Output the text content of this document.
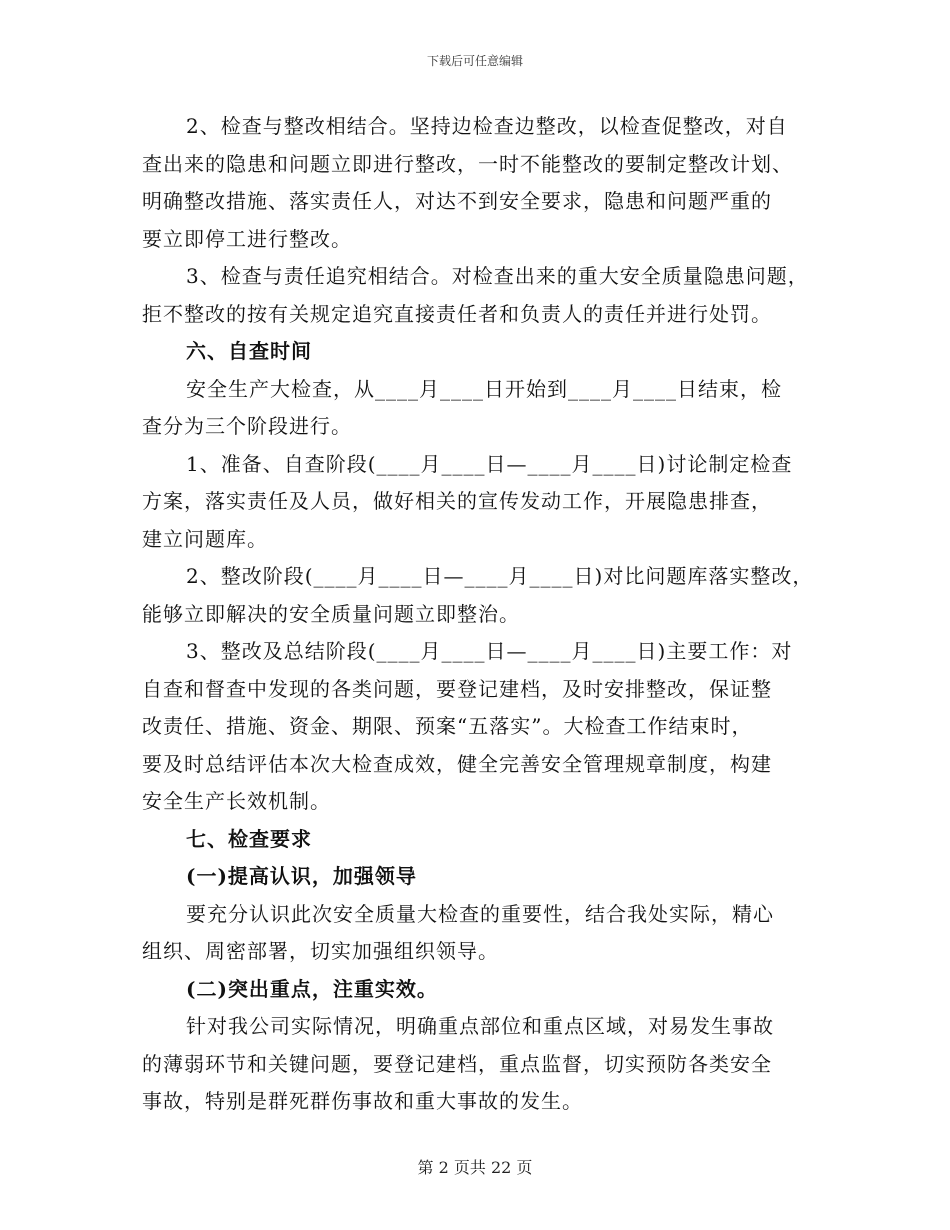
下载后可任意编辑
2、检查与整改相结合。坚持边检查边整改，以检查促整改，对自
查出来的隐患和问题立即进行整改，一时不能整改的要制定整改计划、
明确整改措施、落实责任人，对达不到安全要求，隐患和问题严重的
要立即停工进行整改。
3、检查与责任追究相结合。对检查出来的重大安全质量隐患问题，
拒不整改的按有关规定追究直接责任者和负责人的责任并进行处罚。
六、自查时间
安全生产大检查，从____月____日开始到____月____日结束，检
查分为三个阶段进行。
1、准备、自查阶段(____月____日—____月____日)讨论制定检查
方案，落实责任及人员，做好相关的宣传发动工作，开展隐患排查，
建立问题库。
2、整改阶段(____月____日—____月____日)对比问题库落实整改，
能够立即解决的安全质量问题立即整治。
3、整改及总结阶段(____月____日—____月____日)主要工作：对
自查和督查中发现的各类问题，要登记建档，及时安排整改，保证整
改责任、措施、资金、期限、预案“五落实”。大检查工作结束时，
要及时总结评估本次大检查成效，健全完善安全管理规章制度，构建
安全生产长效机制。
七、检查要求
(一)提高认识，加强领导
要充分认识此次安全质量大检查的重要性，结合我处实际，精心
组织、周密部署，切实加强组织领导。
(二)突出重点，注重实效。
针对我公司实际情况，明确重点部位和重点区域，对易发生事故
的薄弱环节和关键问题，要登记建档，重点监督，切实预防各类安全
事故，特别是群死群伤事故和重大事故的发生。
第 2 页共 22 页
